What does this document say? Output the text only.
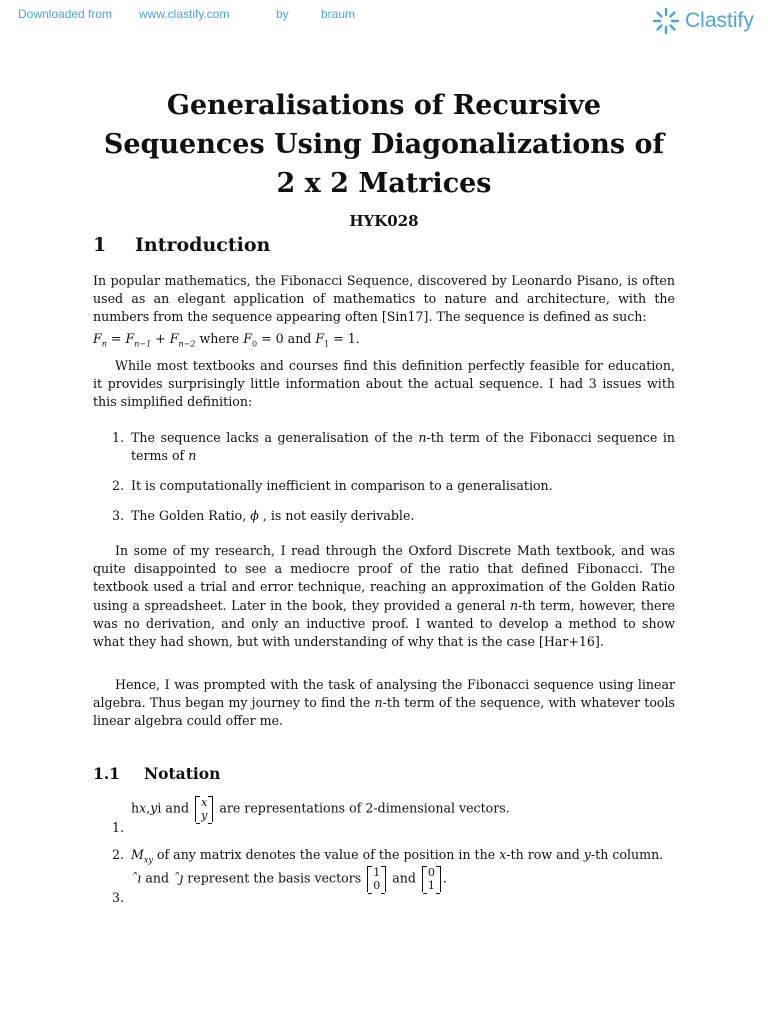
Downloaded from www.clastify.com	by	braum	Clastify
Generalisations of Recursive
Sequences Using Diagonalizations of
2 x 2 Matrices
HYK028
1 Introduction

In popular mathematics, the Fibonacci Sequence, discovered by Leonardo Pisano, is often used as an elegant application of mathematics to nature and architecture, with the numbers from the sequence appearing often [Sin17]. The sequence is defined as such:

$F_n = F_{n-1} + F_{n-2}$ where $F_0 = 0$ and $F_1 = 1$.

While most textbooks and courses find this definition perfectly feasible for education, it provides surprisingly little information about the actual sequence. I had 3 issues with this simplified definition:

1. The sequence lacks a generalisation of the n-th term of the Fibonacci sequence in terms of n
2. It is computationally inefficient in comparison to a generalisation.
3. The Golden Ratio, ϕ , is not easily derivable.

In some of my research, I read through the Oxford Discrete Math textbook, and was quite disappointed to see a mediocre proof of the ratio that defined Fibonacci. The textbook used a trial and error technique, reaching an approximation of the Golden Ratio using a spreadsheet. Later in the book, they provided a general n-th term, however, there was no derivation, and only an inductive proof. I wanted to develop a method to show what they had shown, but with understanding of why that is the case [Har+16].

Hence, I was prompted with the task of analysing the Fibonacci sequence using linear algebra. Thus began my journey to find the n-th term of the sequence, with whatever tools linear algebra could offer me.

1.1 Notation
1.
hx,yi and x
y are representations of 2-dimensional vectors.
2. $M_{xy}$ of any matrix denotes the value of the position in the x-th row and y-th column.
3.
ˆı and ˆȷ represent the basis vectors 1
0 and 0
1 .
